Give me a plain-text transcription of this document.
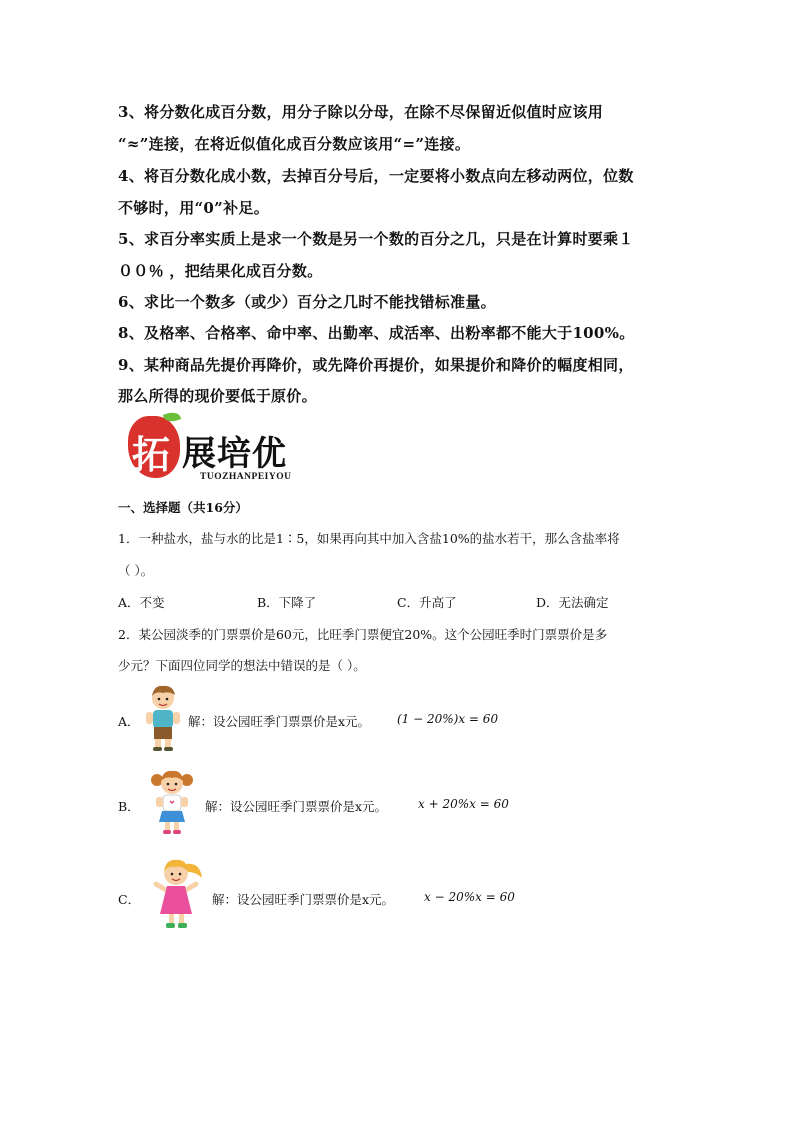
3、将分数化成百分数，用分子除以分母，在除不尽保留近似值时应该用
“≈”连接，在将近似值化成百分数应该用“=”连接。
4、将百分数化成小数，去掉百分号后，一定要将小数点向左移动两位，位数
不够时，用“0”补足。
5、求百分率实质上是求一个数是另一个数的百分之几，只是在计算时要乘１
００％ ，把结果化成百分数。
6、求比一个数多（或少）百分之几时不能找错标准量。
8、及格率、合格率、命中率、出勤率、成活率、出粉率都不能大于100%。
9、某种商品先提价再降价，或先降价再提价，如果提价和降价的幅度相同，
那么所得的现价要低于原价。
拓 展培优
TUOZHANPEIYOU
一、选择题（共16分）
1．一种盐水，盐与水的比是1∶5，如果再向其中加入含盐10%的盐水若干，那么含盐率将
（ ）。
A．不变	B．下降了	C．升高了	D．无法确定
2．某公园淡季的门票票价是60元，比旺季门票便宜20%。这个公园旺季时门票票价是多
少元？下面四位同学的想法中错误的是（ ）。
A．	解：设公园旺季门票票价是x元。 (1 − 20%)x = 60
B．	解：设公园旺季门票票价是x元。	x + 20%x = 60
C．	解：设公园旺季门票票价是x元。 x − 20%x = 60
